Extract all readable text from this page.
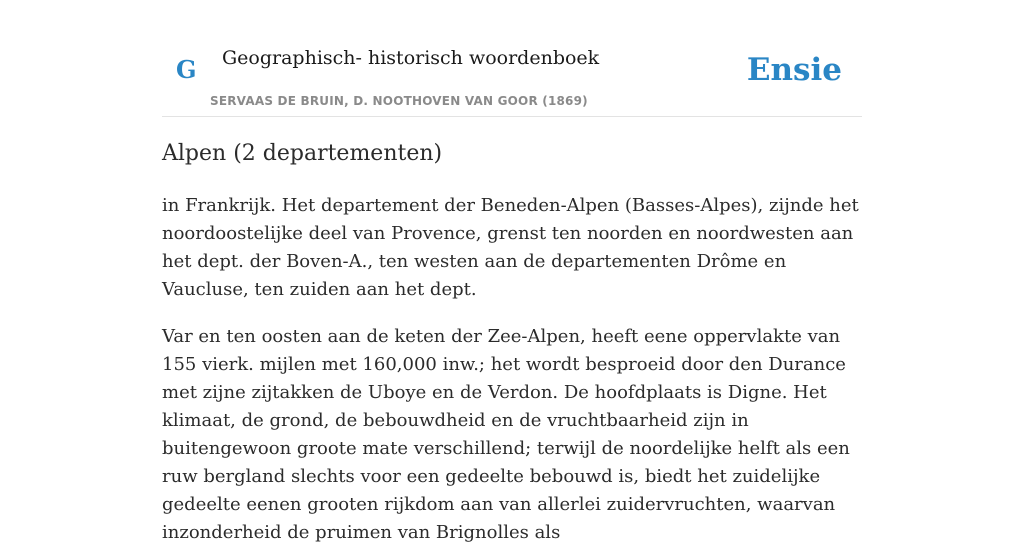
G Geographisch- historisch woordenboek
SERVAAS DE BRUIN, D. NOOTHOVEN VAN GOOR (1869)
Ensie
Alpen (2 departementen)

in Frankrijk. Het departement der Beneden-Alpen (Basses-Alpes), zijnde het noordoostelijke deel van Provence, grenst ten noorden en noordwesten aan het dept. der Boven-A., ten westen aan de departementen Drôme en Vaucluse, ten zuiden aan het dept.

Var en ten oosten aan de keten der Zee-Alpen, heeft eene oppervlakte van 155 vierk. mijlen met 160,000 inw.; het wordt besproeid door den Durance met zijne zijtakken de Uboye en de Verdon. De hoofdplaats is Digne. Het klimaat, de grond, de bebouwdheid en de vruchtbaarheid zijn in buitengewoon groote mate verschillend; terwijl de noordelijke helft als een ruw bergland slechts voor een gedeelte bebouwd is, biedt het zuidelijke gedeelte eenen grooten rijkdom aan van allerlei zuidervruchten, waarvan inzonderheid de pruimen van Brignolles als
